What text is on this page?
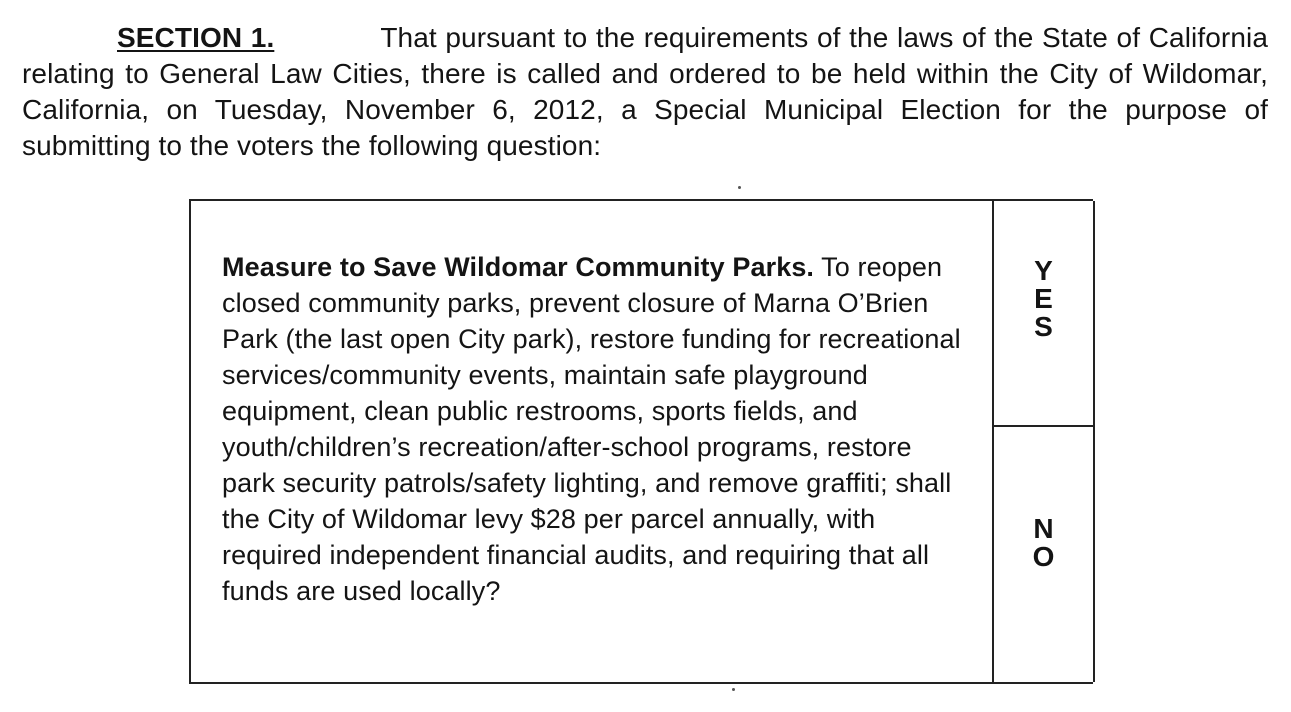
SECTION 1.	That pursuant to the requirements of the laws of the State of California relating to General Law Cities, there is called and ordered to be held within the City of Wildomar, California, on Tuesday, November 6, 2012, a Special Municipal Election for the purpose of submitting to the voters the following question:
Measure to Save Wildomar Community Parks. To reopen closed community parks, prevent closure of Marna O’Brien Park (the last open City park), restore funding for recreational services/community events, maintain safe playground equipment, clean public restrooms, sports fields, and youth/children’s recreation/after-school programs, restore park security patrols/safety lighting, and remove graffiti; shall the City of Wildomar levy $28 per parcel annually, with required independent financial audits, and requiring that all funds are used locally?
Y
E
S
N
O
